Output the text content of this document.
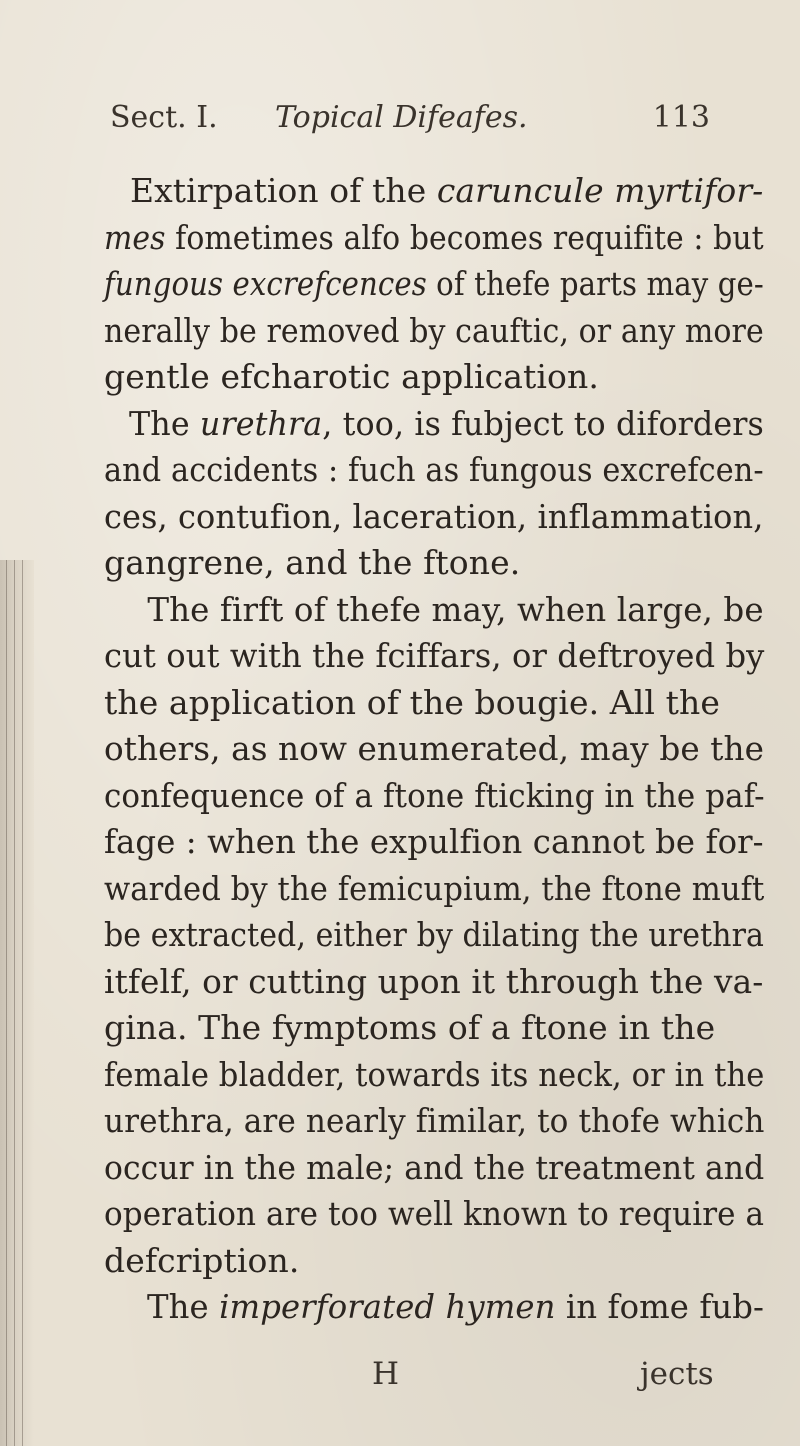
Sect. I. Topical Difeafes.	113
Extirpation of the caruncule myrtifor-
mes fometimes alfo becomes requifite : but
fungous excrefcences of thefe parts may ge-
nerally be removed by cauftic, or any more
gentle efcharotic application.
The urethra, too, is fubject to diforders
and accidents : fuch as fungous excrefcen-
ces, contufion, laceration, inflammation,
gangrene, and the ftone.
The firft of thefe may, when large, be
cut out with the fciffars, or deftroyed by
the application of the bougie. All the
others, as now enumerated, may be the
confequence of a ftone fticking in the paf-
fage : when the expulfion cannot be for-
warded by the femicupium, the ftone muft
be extracted, either by dilating the urethra
itfelf, or cutting upon it through the va-
gina. The fymptoms of a ftone in the
female bladder, towards its neck, or in the
urethra, are nearly fimilar, to thofe which
occur in the male; and the treatment and
operation are too well known to require a
defcription.
The imperforated hymen in fome fub-
H	jects
